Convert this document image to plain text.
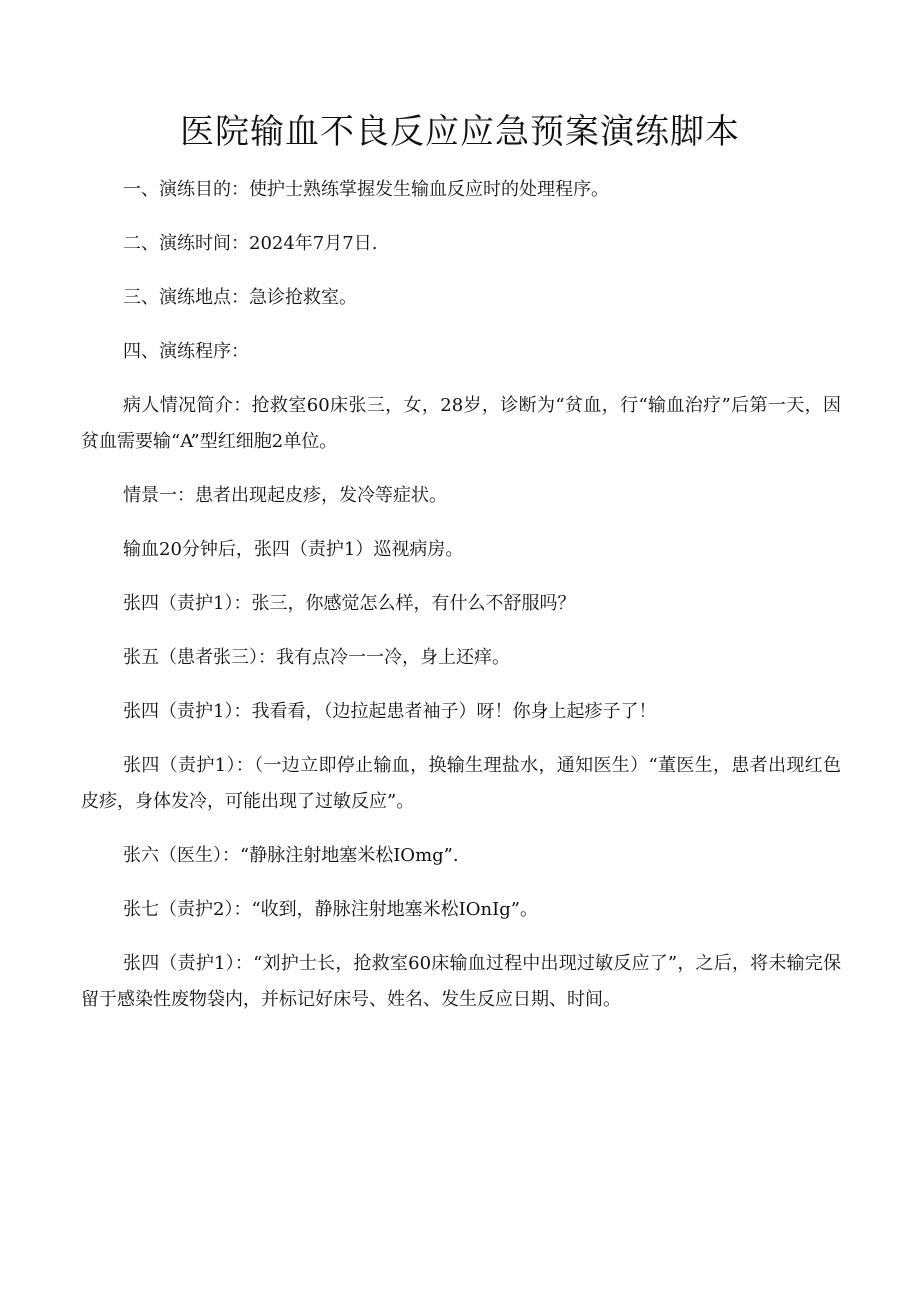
医院输血不良反应应急预案演练脚本

一、演练目的：使护士熟练掌握发生输血反应时的处理程序。

二、演练时间：2024年7月7日.

三、演练地点：急诊抢救室。

四、演练程序：

病人情况简介：抢救室60床张三，女，28岁，诊断为“贫血，行“输血治疗”后第一天，因贫血需要输“A”型红细胞2单位。

情景一：患者出现起皮疹，发冷等症状。

输血20分钟后，张四（责护1）巡视病房。

张四（责护1）：张三，你感觉怎么样，有什么不舒服吗？

张五（患者张三）：我有点冷一一冷，身上还痒。

张四（责护1）：我看看，（边拉起患者袖子）呀！你身上起疹子了！

张四（责护1）：（一边立即停止输血，换输生理盐水，通知医生）“董医生，患者出现红色皮疹，身体发冷，可能出现了过敏反应”。

张六（医生）：“静脉注射地塞米松IOmg”.

张七（责护2）：“收到，静脉注射地塞米松IOnIg”。

张四（责护1）：“刘护士长，抢救室60床输血过程中出现过敏反应了”，之后，将未输完保留于感染性废物袋内，并标记好床号、姓名、发生反应日期、时间。
